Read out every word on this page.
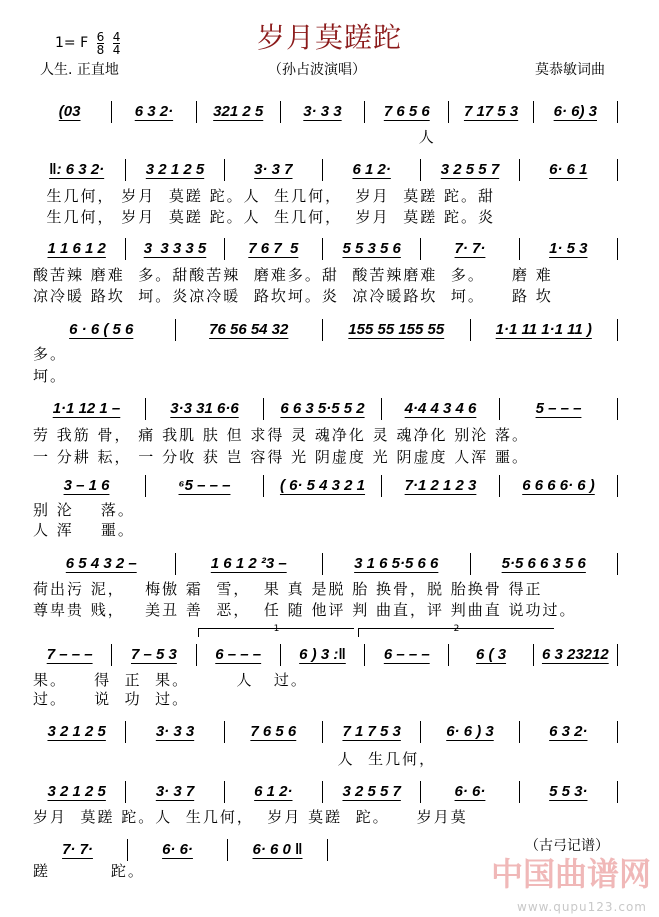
岁月莫蹉跎
1= F $\frac{6}{8}$
$\frac{4}{4}$
人生. 正直地	（孙占波演唱）	莫恭敏词曲
(03	6 3 2·	321 2 5	3· 3 3	7 6 5 6	7 17 5 3	6· 6) 3
人
‖: 6 3 2·	3 2 1 2 5	3· 3 7	6 1 2·	3 2 5 5 7	6· 6 1
生几何， 岁月  莫蹉 跎。人  生几何，  岁月  莫蹉 跎。甜
生几何， 岁月  莫蹉 跎。人  生几何，  岁月  莫蹉 跎。炎
1 1 6 1 2	3  3 3 3 5	7 6 7  5	5 5 3 5 6	7· 7·	1· 5 3
酸苦辣 磨难  多。甜酸苦辣  磨难多。甜  酸苦辣磨难  多。    磨 难
凉冷暖 路坎  坷。炎凉冷暖  路坎坷。炎  凉冷暖路坎  坷。    路 坎
6 · 6 ( 5 6	76 56 54 32	155 55 155 55	1·1 11 1·1 11 )
多。
坷。
1·1 12 1 –	3·3 31 6·6	6 6 3 5·5 5 2	4·4 4 3 4 6	5 – – –
劳 我筋 骨， 痛 我肌 肤 但 求得 灵 魂净化 灵 魂净化 别沦 落。
一 分耕 耘， 一 分收 获 岂 容得 光 阴虚度 光 阴虚度 人浑 噩。
3 – 1 6	⁶5 – – –	( 6· 5 4 3 2 1	7·1 2 1 2 3	6 6 6 6· 6 )
别 沦    落。
人 浑    噩。
6 5 4 3 2 –	1 6 1 2 ²3 –	3 1 6 5·5 6 6	5·5 6 6 3 5 6
荷出污 泥，   梅傲 霜  雪，  果 真 是脱 胎 换骨，脱 胎换骨 得正
尊卑贵 贱，   美丑 善  恶，  任 随 他评 判 曲直，评 判曲直 说功过。
7 – – –	7 – 5 3	6 – – –	6 ) 3 :‖	6 – – –	6 ( 3	6 3 23212
果。    得  正  果。       人   过。
过。    说  功  过。
1	2
3 2 1 2 5	3· 3 3	7 6 5 6	7 1 7 5 3	6· 6 ) 3	6 3 2·
人  生几何，
3 2 1 2 5	3· 3 7	6 1 2·	3 2 5 5 7	6· 6·	5 5 3·
岁月  莫蹉 跎。人  生几何，  岁月 莫蹉  跎。    岁月莫
7· 7·	6· 6·	6· 6 0 ‖
蹉         跎。
（古弓记谱）
中国曲谱网
www.qupu123.com
